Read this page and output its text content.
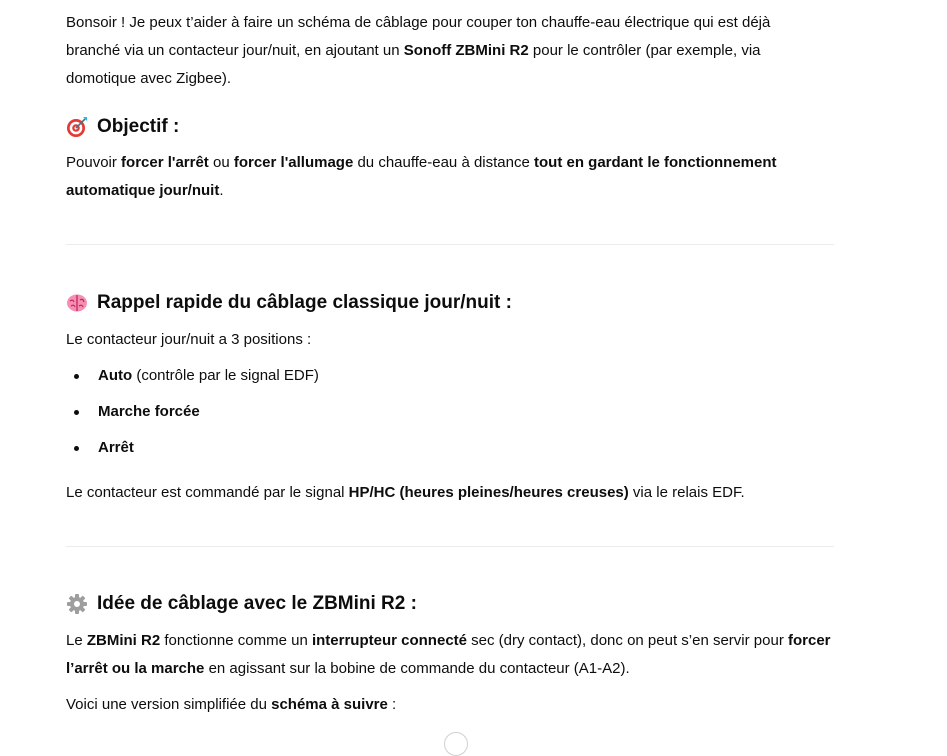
Bonsoir ! Je peux t’aider à faire un schéma de câblage pour couper ton chauffe-eau électrique qui est déjà branché via un contacteur jour/nuit, en ajoutant un Sonoff ZBMini R2 pour le contrôler (par exemple, via domotique avec Zigbee).

Objectif :

Pouvoir forcer l'arrêt ou forcer l'allumage du chauffe-eau à distance tout en gardant le fonctionnement automatique jour/nuit.

Rappel rapide du câblage classique jour/nuit :

Le contacteur jour/nuit a 3 positions :

Auto (contrôle par le signal EDF)
Marche forcée
Arrêt

Le contacteur est commandé par le signal HP/HC (heures pleines/heures creuses) via le relais EDF.

Idée de câblage avec le ZBMini R2 :

Le ZBMini R2 fonctionne comme un interrupteur connecté sec (dry contact), donc on peut s’en servir pour forcer l’arrêt ou la marche en agissant sur la bobine de commande du contacteur (A1-A2).

Voici une version simplifiée du schéma à suivre :
